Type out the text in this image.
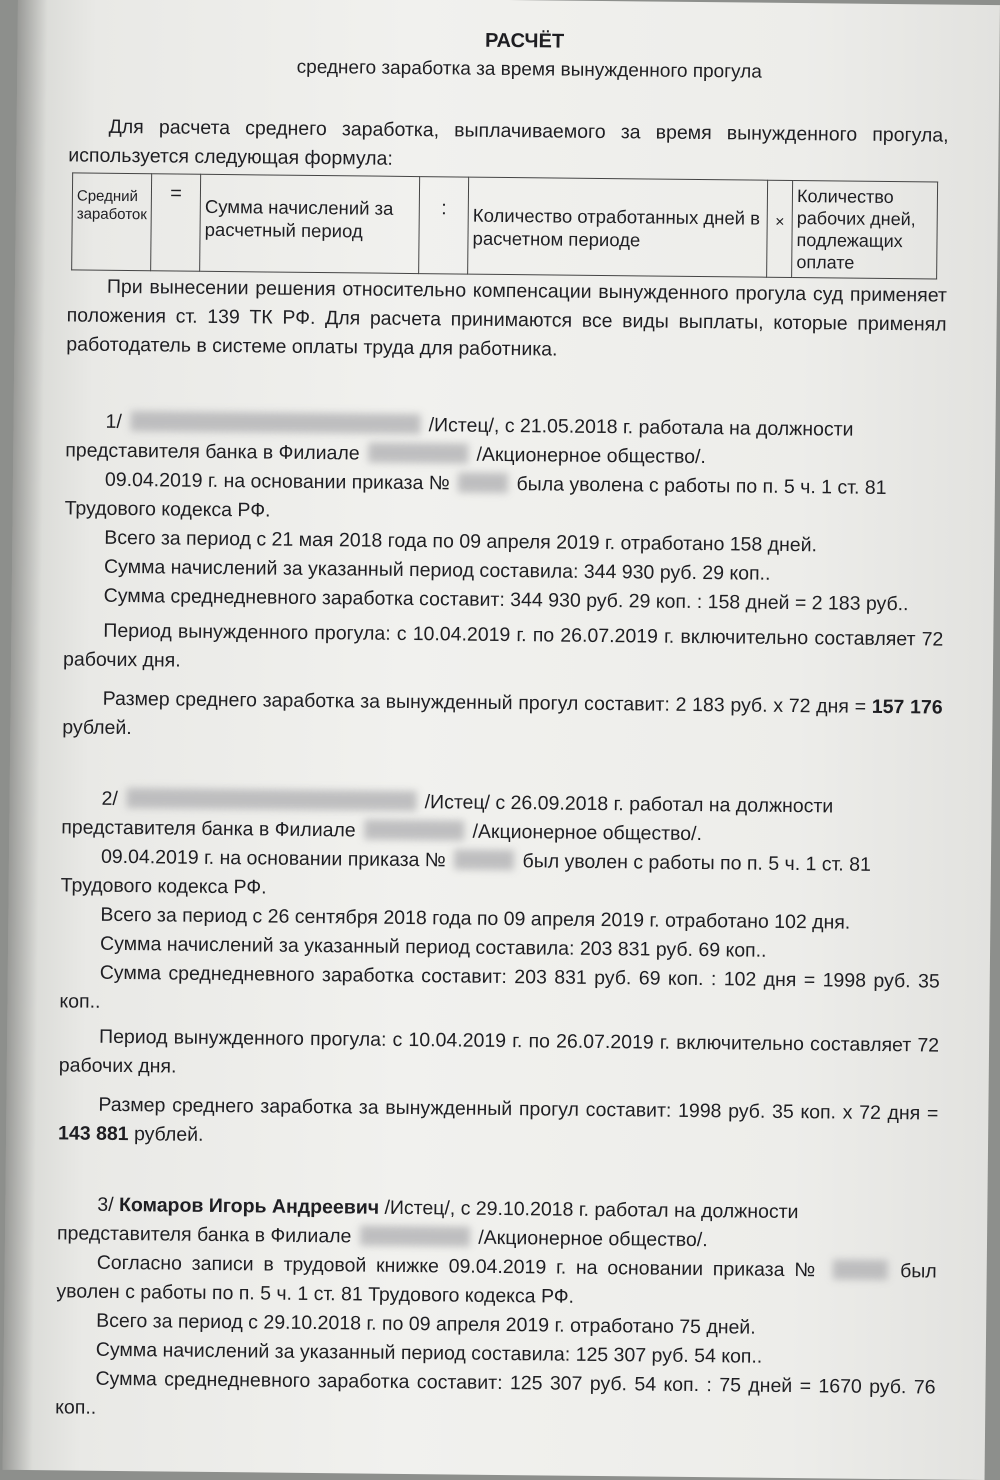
РАСЧЁТ

среднего заработка за время вынужденного прогула

Для расчета среднего заработка, выплачиваемого за время вынужденного прогула, используется следующая формула:

Средний заработок	=	Сумма начислений за расчетный период	:	Количество отработанных дней в расчетном периоде	×	Количество рабочих дней, подлежащих оплате

При вынесении решения относительно компенсации вынужденного прогула суд применяет положения ст. 139 ТК РФ. Для расчета принимаются все виды выплаты, которые применял работодатель в системе оплаты труда для работника.

1/	/Истец/, с 21.05.2018 г. работала на должности

представителя банка в Филиале	/Акционерное общество/.

09.04.2019 г. на основании приказа №	была уволена с работы по п. 5 ч. 1 ст. 81

Трудового кодекса РФ.

Всего за период с 21 мая 2018 года по 09 апреля 2019 г. отработано 158 дней.

Сумма начислений за указанный период составила: 344 930 руб. 29 коп..

Сумма среднедневного заработка составит: 344 930 руб. 29 коп. : 158 дней = 2 183 руб..

Период вынужденного прогула: с 10.04.2019 г. по 26.07.2019 г. включительно составляет 72 рабочих дня.

Размер среднего заработка за вынужденный прогул составит: 2 183 руб. х 72 дня = 157 176 рублей.

2/	/Истец/ с 26.09.2018 г. работал на должности

представителя банка в Филиале	/Акционерное общество/.

09.04.2019 г. на основании приказа №	был уволен с работы по п. 5 ч. 1 ст. 81

Трудового кодекса РФ.

Всего за период с 26 сентября 2018 года по 09 апреля 2019 г. отработано 102 дня.

Сумма начислений за указанный период составила: 203 831 руб. 69 коп..

Сумма среднедневного заработка составит: 203 831 руб. 69 коп. : 102 дня = 1998 руб. 35 коп..

Период вынужденного прогула: с 10.04.2019 г. по 26.07.2019 г. включительно составляет 72 рабочих дня.

Размер среднего заработка за вынужденный прогул составит: 1998 руб. 35 коп. х 72 дня = 143 881 рублей.

3/ Комаров Игорь Андреевич /Истец/, с 29.10.2018 г. работал на должности

представителя банка в Филиале	/Акционерное общество/.

Согласно записи в трудовой книжке 09.04.2019 г. на основании приказа №	был уволен с работы по п. 5 ч. 1 ст. 81 Трудового кодекса РФ.

Всего за период с 29.10.2018 г. по 09 апреля 2019 г. отработано 75 дней.

Сумма начислений за указанный период составила: 125 307 руб. 54 коп..

Сумма среднедневного заработка составит: 125 307 руб. 54 коп. : 75 дней = 1670 руб. 76 коп..
